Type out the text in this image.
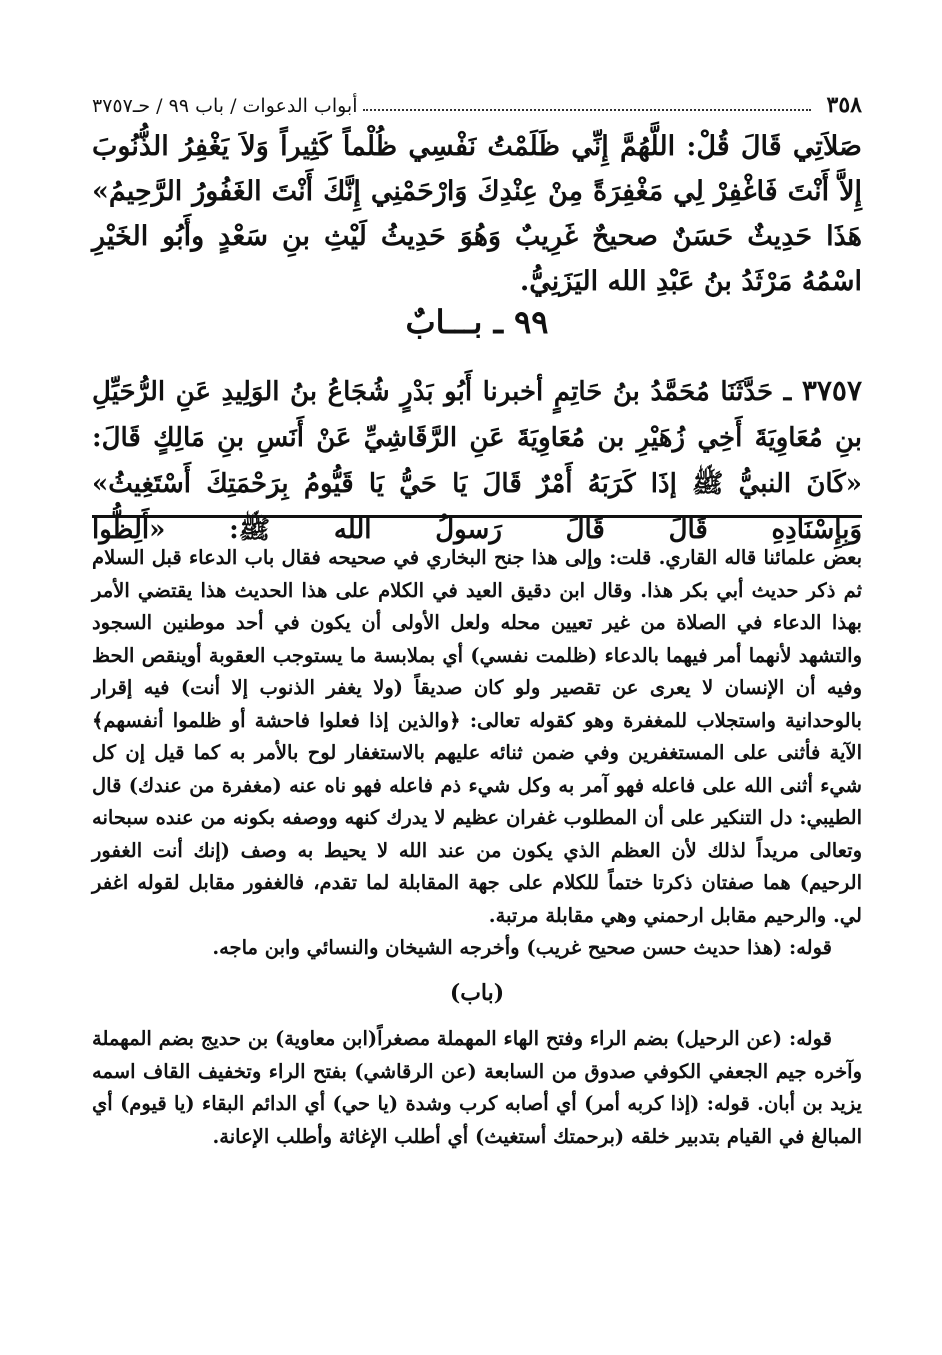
٣٥٨
أبواب الدعوات / باب ٩٩ / حـ٣٧٥٧

صَلاَتِي قَالَ قُلْ: اللَّهُمَّ إِنِّي ظَلَمْتُ نَفْسِي ظُلْماً كَثِيراً وَلاَ يَغْفِرُ الذُّنُوبَ إِلاَّ أَنْتَ فَاغْفِرْ لِي مَغْفِرَةً مِنْ عِنْدِكَ وَارْحَمْنِي إِنَّكَ أَنْتَ الغَفُورُ الرَّحِيمُ» هَذَا حَدِيثٌ حَسَنٌ صحيحٌ غَرِيبٌ وَهُوَ حَدِيثُ لَيْثِ بنِ سَعْدٍ وأَبُو الخَيْرِ اسْمُهُ مَرْثَدُ بنُ عَبْدِ الله اليَزَنِيُّ.

٩٩ ـ بـــابٌ
٣٧٥٧ ـ حَدَّثَنَا مُحَمَّدُ بنُ حَاتِمٍ أخبرنا أَبُو بَدْرٍ شُجَاعُ بنُ الوَلِيدِ عَنِ الرُّحَيِّلِ بنِ مُعَاوِيَةَ أَخِي زُهَيْرِ بن مُعَاوِيَةَ عَنِ الرَّقَاشِيِّ عَنْ أَنَسِ بنِ مَالِكٍ قَالَ: «كَانَ النبيُّ ﷺ إذَا كَرَبَهُ أَمْرٌ قَالَ يَا حَيُّ يَا قَيُّومُ بِرَحْمَتِكَ أَسْتَغِيثُ» وَبِإِسْنَادِهِ قَالَ قَالَ رَسولُ الله ﷺ: «أَلِظُّوا

بعض علمائنا قاله القاري. قلت: وإلى هذا جنح البخاري في صحيحه فقال باب الدعاء قبل السلام ثم ذكر حديث أبي بكر هذا. وقال ابن دقيق العيد في الكلام على هذا الحديث هذا يقتضي الأمر بهذا الدعاء في الصلاة من غير تعيين محله ولعل الأولى أن يكون في أحد موطنين السجود والتشهد لأنهما أمر فيهما بالدعاء (ظلمت نفسي) أي بملابسة ما يستوجب العقوبة أوينقص الحظ وفيه أن الإنسان لا يعرى عن تقصير ولو كان صديقاً (ولا يغفر الذنوب إلا أنت) فيه إقرار بالوحدانية واستجلاب للمغفرة وهو كقوله تعالى: ﴿والذين إذا فعلوا فاحشة أو ظلموا أنفسهم﴾ الآية فأثنى على المستغفرين وفي ضمن ثنائه عليهم بالاستغفار لوح بالأمر به كما قيل إن كل شيء أثنى الله على فاعله فهو آمر به وكل شيء ذم فاعله فهو ناه عنه (مغفرة من عندك) قال الطيبي: دل التنكير على أن المطلوب غفران عظيم لا يدرك كنهه ووصفه بكونه من عنده سبحانه وتعالى مريداً لذلك لأن العظم الذي يكون من عند الله لا يحيط به وصف (إنك أنت الغفور الرحيم) هما صفتان ذكرتا ختماً للكلام على جهة المقابلة لما تقدم، فالغفور مقابل لقوله اغفر لي. والرحيم مقابل ارحمني وهي مقابلة مرتبة.

قوله: (هذا حديث حسن صحيح غريب) وأخرجه الشيخان والنسائي وابن ماجه.

(باب)

قوله: (عن الرحيل) بضم الراء وفتح الهاء المهملة مصغراً(ابن معاوية) بن حديج بضم المهملة وآخره جيم الجعفي الكوفي صدوق من السابعة (عن الرقاشي) بفتح الراء وتخفيف القاف اسمه يزيد بن أبان. قوله: (إذا كربه أمر) أي أصابه كرب وشدة (يا حي) أي الدائم البقاء (يا قيوم) أي المبالغ في القيام بتدبير خلقه (برحمتك أستغيث) أي أطلب الإغاثة وأطلب الإعانة.
